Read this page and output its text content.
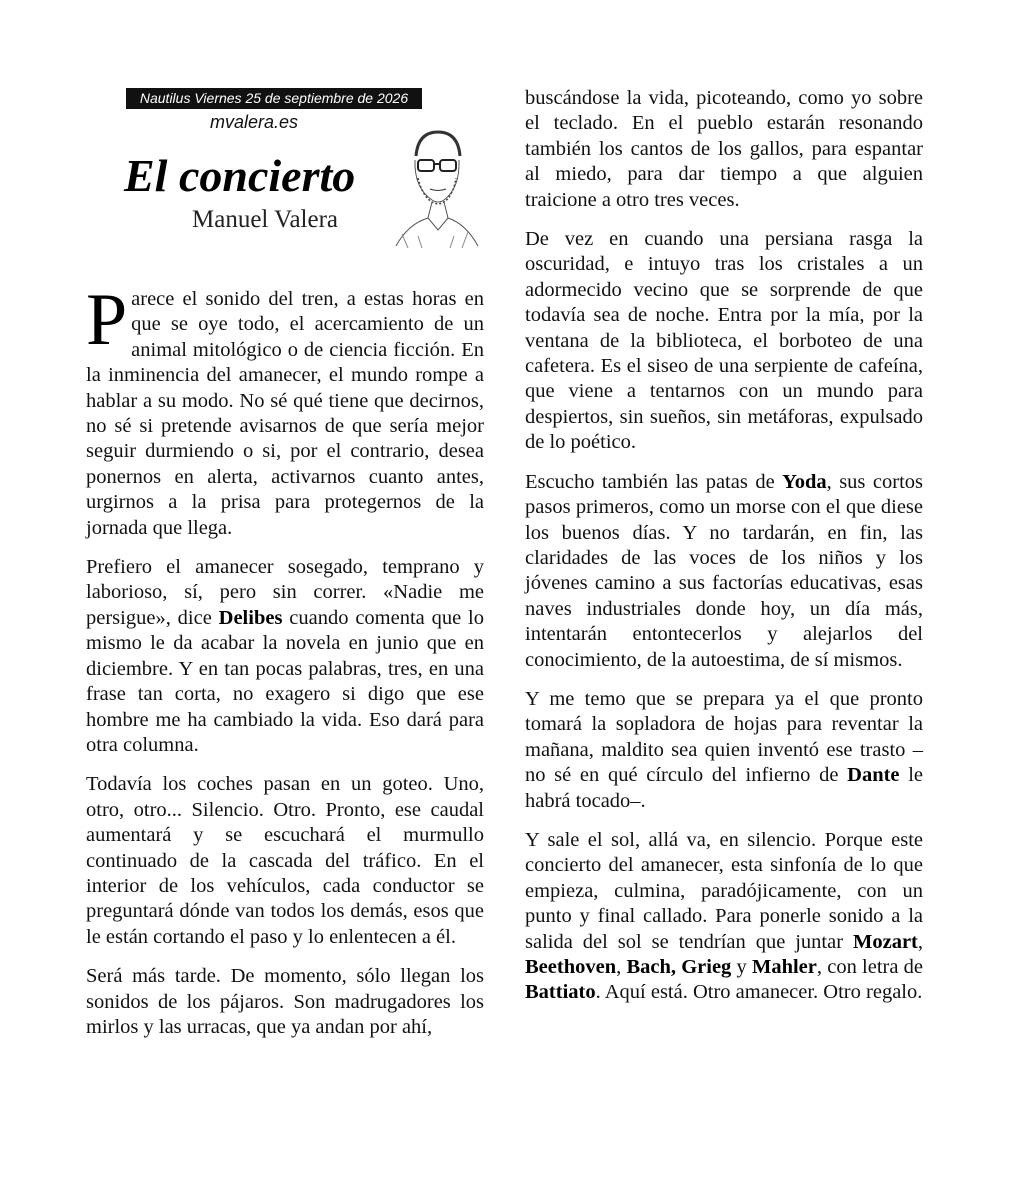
Nautilus Viernes 25 de septiembre de 2026
mvalera.es
El concierto
Manuel Valera

Parece el sonido del tren, a estas horas en que se oye todo, el acercamiento de un animal mitológico o de ciencia ficción. En la inminencia del amanecer, el mundo rompe a hablar a su modo. No sé qué tiene que decirnos, no sé si pretende avisarnos de que sería mejor seguir durmiendo o si, por el contrario, desea ponernos en alerta, activarnos cuanto antes, urgirnos a la prisa para protegernos de la jornada que llega.

Prefiero el amanecer sosegado, temprano y laborioso, sí, pero sin correr. «Nadie me persigue», dice Delibes cuando comenta que lo mismo le da acabar la novela en junio que en diciembre. Y en tan pocas palabras, tres, en una frase tan corta, no exagero si digo que ese hombre me ha cambiado la vida. Eso dará para otra columna.

Todavía los coches pasan en un goteo. Uno, otro, otro... Silencio. Otro. Pronto, ese caudal aumentará y se escuchará el murmullo continuado de la cascada del tráfico. En el interior de los vehículos, cada conductor se preguntará dónde van todos los demás, esos que le están cortando el paso y lo enlentecen a él.

Será más tarde. De momento, sólo llegan los sonidos de los pájaros. Son madrugadores los mirlos y las urracas, que ya andan por ahí,

buscándose la vida, picoteando, como yo sobre el teclado. En el pueblo estarán resonando también los cantos de los gallos, para espantar al miedo, para dar tiempo a que alguien traicione a otro tres veces.

De vez en cuando una persiana rasga la oscuridad, e intuyo tras los cristales a un adormecido vecino que se sorprende de que todavía sea de noche. Entra por la mía, por la ventana de la biblioteca, el borboteo de una cafetera. Es el siseo de una serpiente de cafeína, que viene a tentarnos con un mundo para despiertos, sin sueños, sin metáforas, expulsado de lo poético.

Escucho también las patas de Yoda, sus cortos pasos primeros, como un morse con el que diese los buenos días. Y no tardarán, en fin, las claridades de las voces de los niños y los jóvenes camino a sus factorías educativas, esas naves industriales donde hoy, un día más, intentarán entontecerlos y alejarlos del conocimiento, de la autoestima, de sí mismos.

Y me temo que se prepara ya el que pronto tomará la sopladora de hojas para reventar la mañana, maldito sea quien inventó ese trasto –no sé en qué círculo del infierno de Dante le habrá tocado–.

Y sale el sol, allá va, en silencio. Porque este concierto del amanecer, esta sinfonía de lo que empieza, culmina, paradójicamente, con un punto y final callado. Para ponerle sonido a la salida del sol se tendrían que juntar Mozart, Beethoven, Bach, Grieg y Mahler, con letra de Battiato. Aquí está. Otro amanecer. Otro regalo.
